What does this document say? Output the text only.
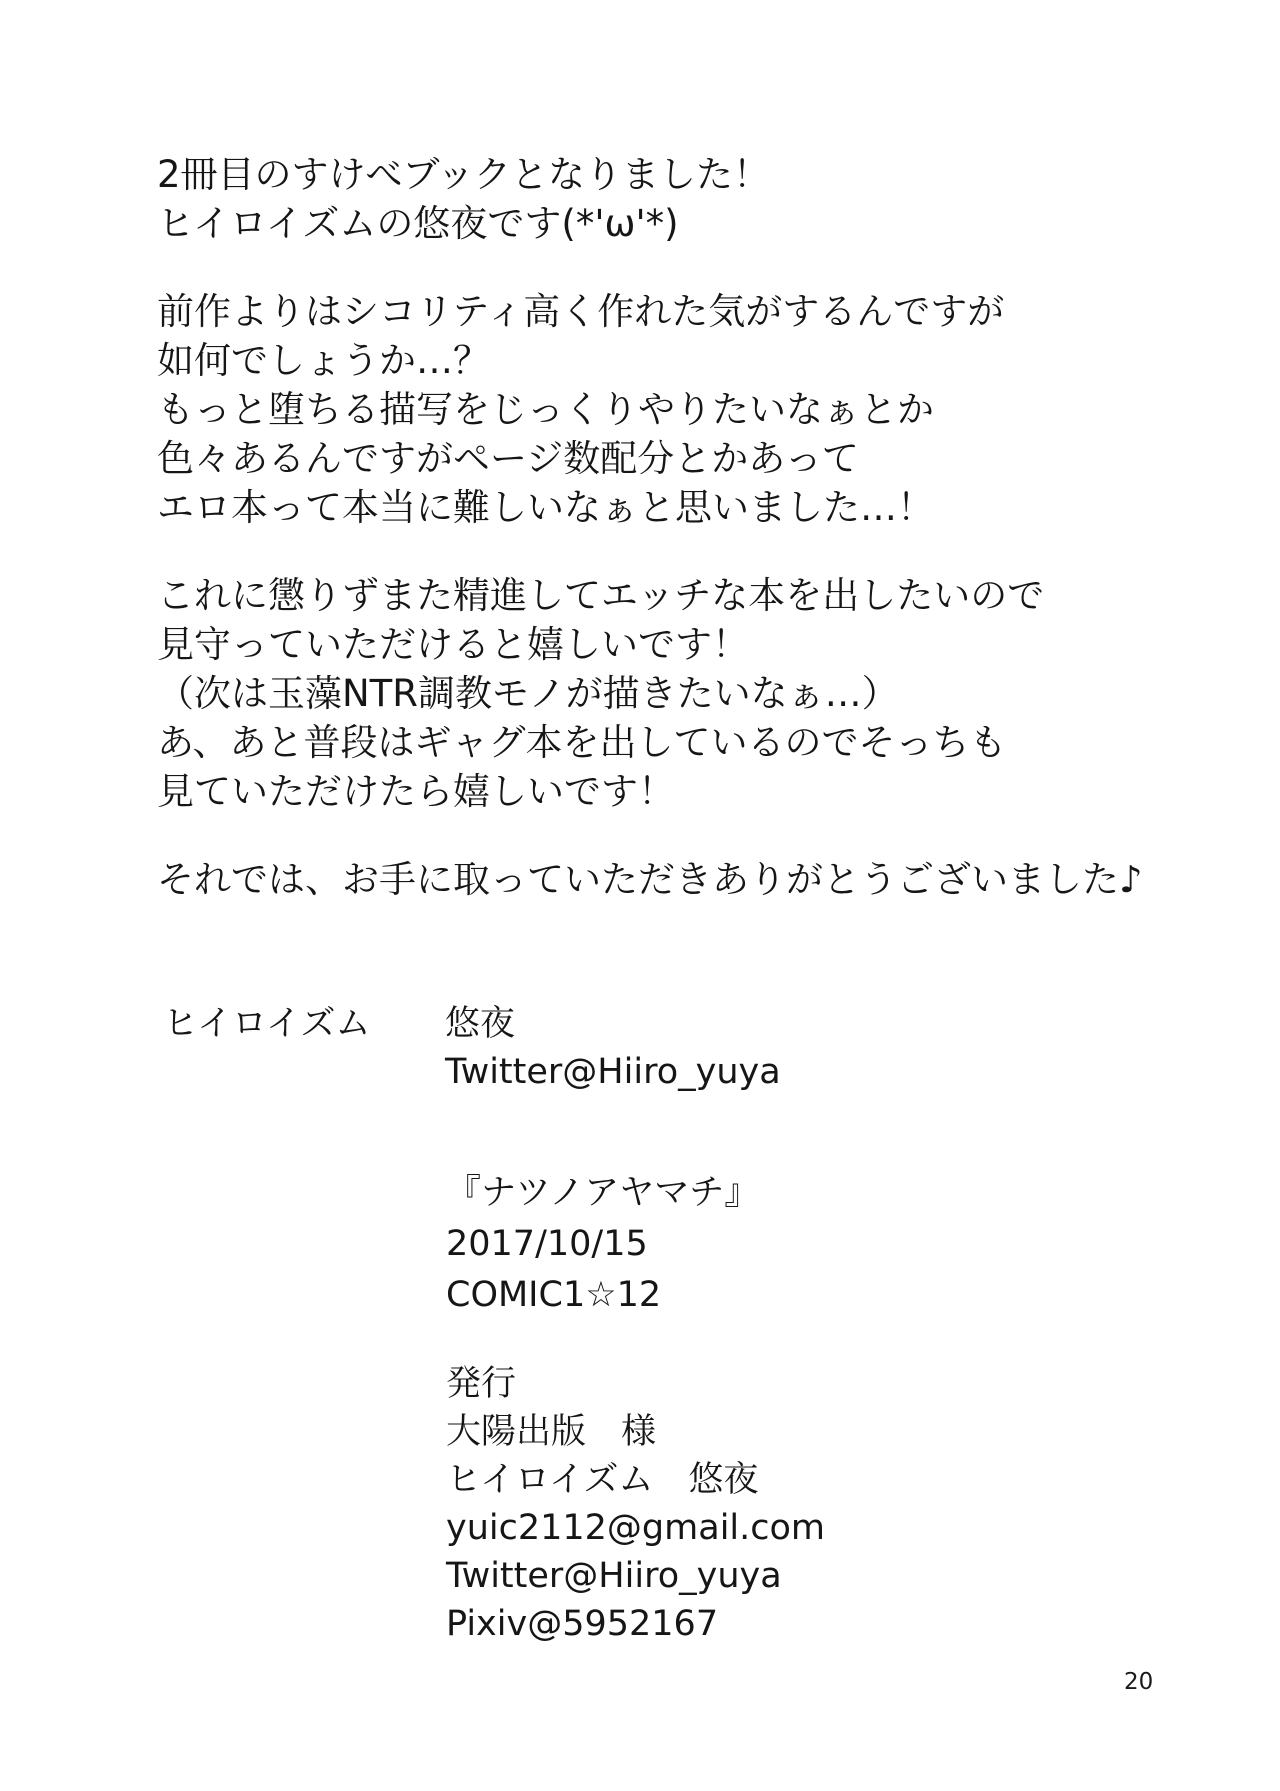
2冊目のすけべブックとなりました！
ヒイロイズムの悠夜です(*'ω'*)

前作よりはシコリティ高く作れた気がするんですが
如何でしょうか…？
もっと堕ちる描写をじっくりやりたいなぁとか
色々あるんですがページ数配分とかあって
エロ本って本当に難しいなぁと思いました…！

これに懲りずまた精進してエッチな本を出したいので
見守っていただけると嬉しいです！
（次は玉藻NTR調教モノが描きたいなぁ…）
あ、あと普段はギャグ本を出しているのでそっちも
見ていただけたら嬉しいです！

それでは、お手に取っていただきありがとうございました♪

ヒイロイズム	悠夜
Twitter@Hiiro_yuya
『ナツノアヤマチ』
2017/10/15
COMIC1☆12
発行
大陽出版　様
ヒイロイズム　悠夜
yuic2112@gmail.com
Twitter@Hiiro_yuya
Pixiv@5952167
20
